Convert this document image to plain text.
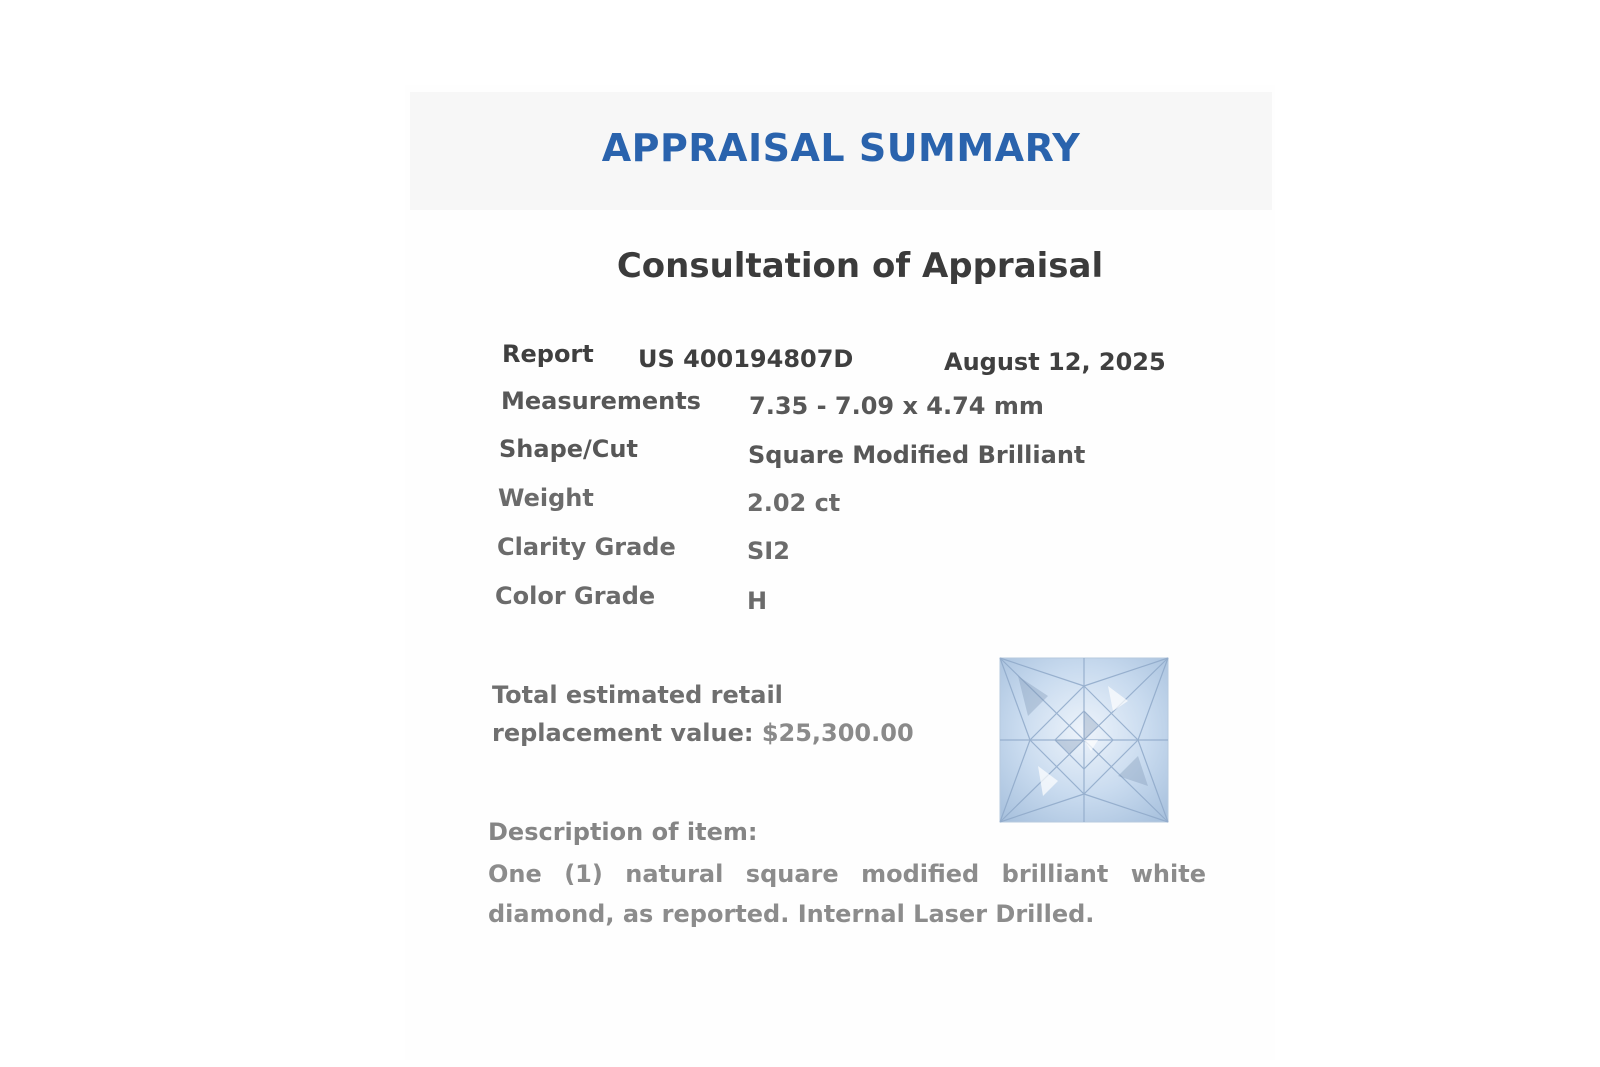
APPRAISAL SUMMARY
Consultation of Appraisal
Report US 400194807D	August 12, 2025
Measurements 7.35 - 7.09 x 4.74 mm
Shape/Cut	Square Modified Brilliant
Weight	2.02 ct
Clarity Grade	SI2
Color Grade	H
Total estimated retail
replacement value: $25,300.00
Description of item:
One (1) natural square modified brilliant white diamond, as reported. Internal Laser Drilled.
